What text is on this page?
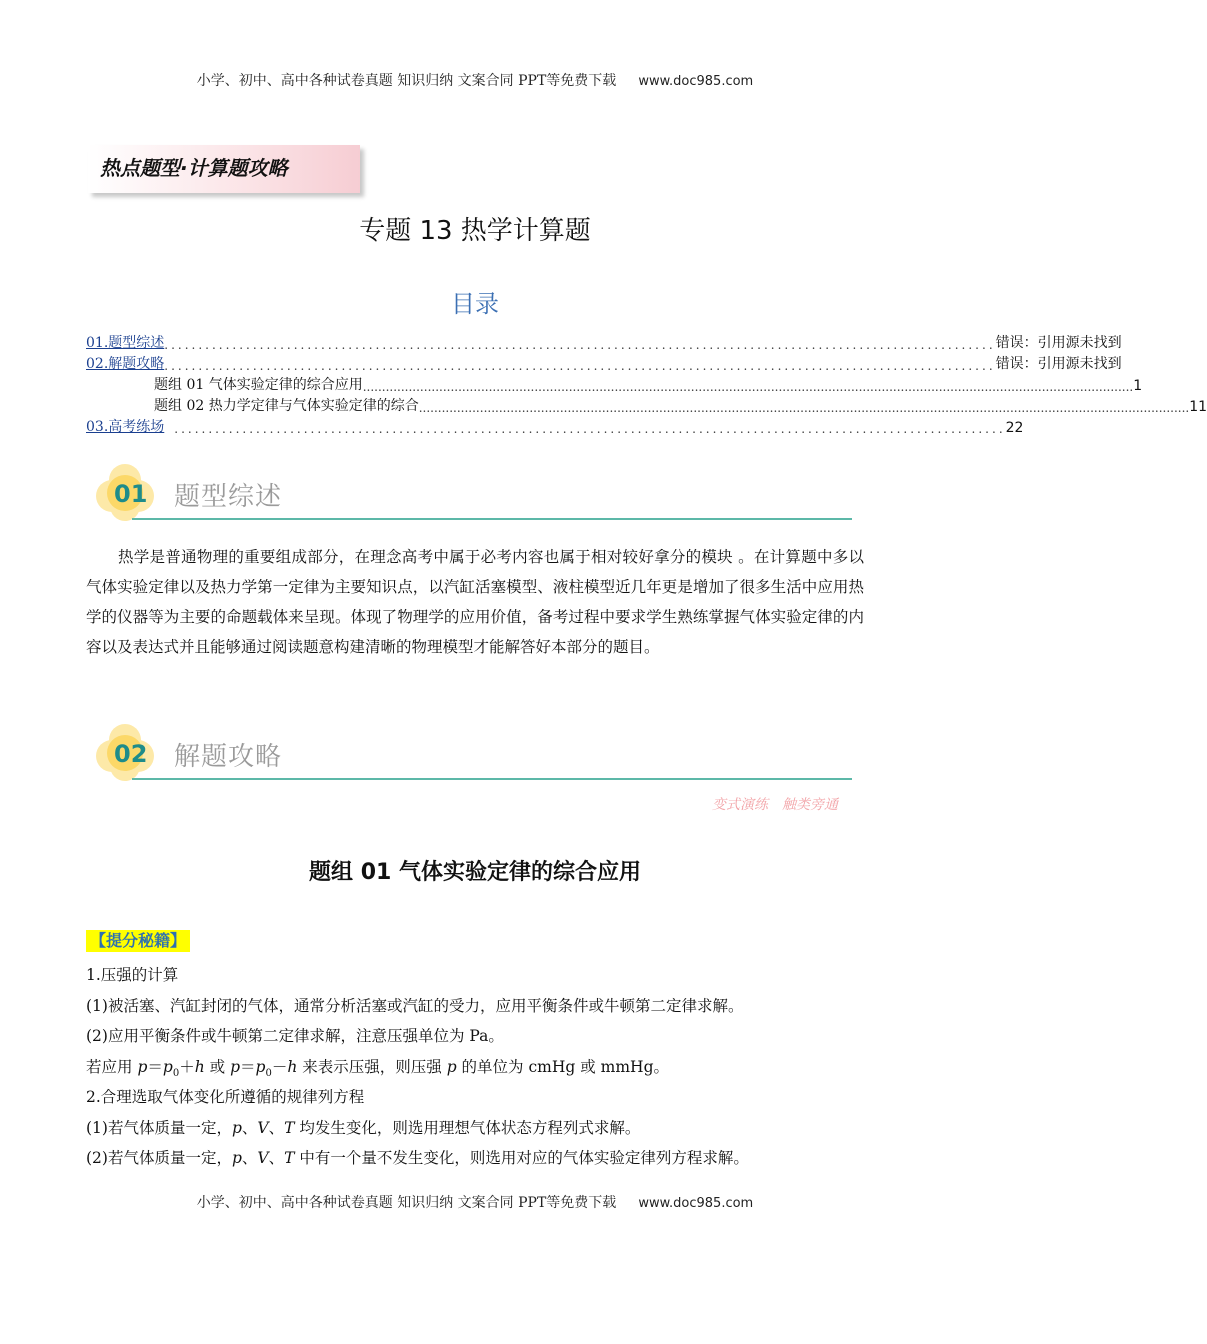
小学、初中、高中各种试卷真题 知识归纳 文案合同 PPT等免费下载 www.doc985.com
热点题型·计算题攻略
专题 13 热学计算题
目录
01.题型综述 .......................................................................................................................... 错误：引用源未找到
02.解题攻略 .......................................................................................................................... 错误：引用源未找到
题组 01 气体实验定律的综合应用 .......................................................................................................................................................................................................... 1
题组 02 热力学定律与气体实验定律的综合 .......................................................................................................................................................................................................... 11
03.高考练场 .......................................................................................................................... 22
01 题型综述

热学是普通物理的重要组成部分，在理念高考中属于必考内容也属于相对较好拿分的模块 。在计算题中多以气体实验定律以及热力学第一定律为主要知识点，以汽缸活塞模型、液柱模型近几年更是增加了很多生活中应用热学的仪器等为主要的命题载体来呈现。体现了物理学的应用价值，备考过程中要求学生熟练掌握气体实验定律的内容以及表达式并且能够通过阅读题意构建清晰的物理模型才能解答好本部分的题目。

02 解题攻略
变式演练 触类旁通
题组 01 气体实验定律的综合应用
【提分秘籍】
1.压强的计算
(1)被活塞、汽缸封闭的气体，通常分析活塞或汽缸的受力，应用平衡条件或牛顿第二定律求解。
(2)应用平衡条件或牛顿第二定律求解，注意压强单位为 Pa。
若应用 $p=p_0+h$ 或 $p=p_0-h$ 来表示压强，则压强 p 的单位为 cmHg 或 mmHg。
2.合理选取气体变化所遵循的规律列方程
(1)若气体质量一定，p、V、T 均发生变化，则选用理想气体状态方程列式求解。
(2)若气体质量一定，p、V、T 中有一个量不发生变化，则选用对应的气体实验定律列方程求解。
小学、初中、高中各种试卷真题 知识归纳 文案合同 PPT等免费下载 www.doc985.com
